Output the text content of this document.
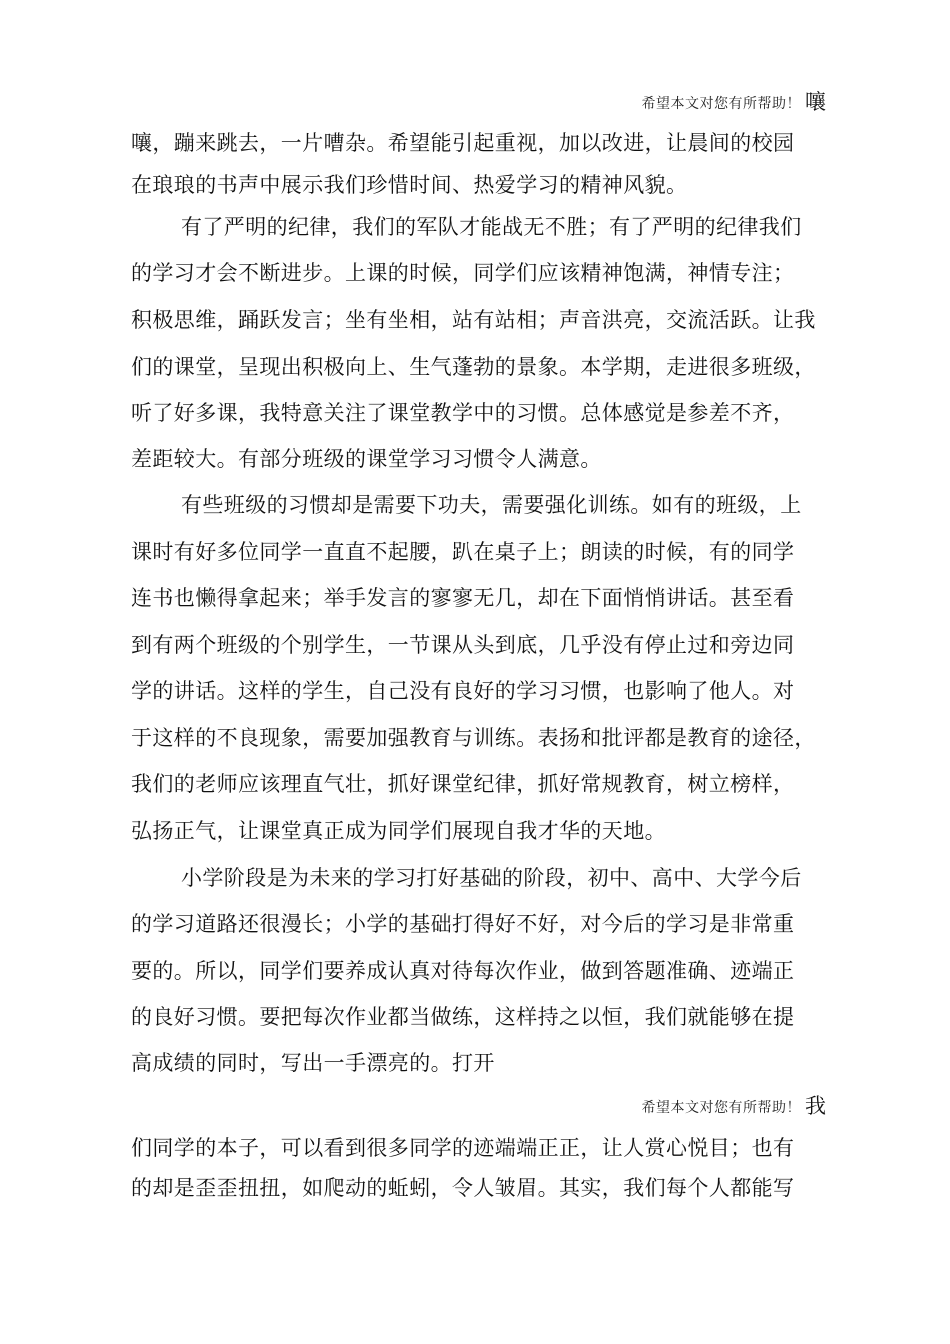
希望本文对您有所帮助！ 嚷
嚷，蹦来跳去，一片嘈杂。希望能引起重视，加以改进，让晨间的校园
在琅琅的书声中展示我们珍惜时间、热爱学习的精神风貌。
有了严明的纪律，我们的军队才能战无不胜；有了严明的纪律我们
的学习才会不断进步。上课的时候，同学们应该精神饱满，神情专注；
积极思维，踊跃发言；坐有坐相，站有站相；声音洪亮，交流活跃。让我
们的课堂，呈现出积极向上、生气蓬勃的景象。本学期，走进很多班级，
听了好多课，我特意关注了课堂教学中的习惯。总体感觉是参差不齐，
差距较大。有部分班级的课堂学习习惯令人满意。
有些班级的习惯却是需要下功夫，需要强化训练。如有的班级，上
课时有好多位同学一直直不起腰，趴在桌子上；朗读的时候，有的同学
连书也懒得拿起来；举手发言的寥寥无几，却在下面悄悄讲话。甚至看
到有两个班级的个别学生，一节课从头到底，几乎没有停止过和旁边同
学的讲话。这样的学生，自己没有良好的学习习惯，也影响了他人。对
于这样的不良现象，需要加强教育与训练。表扬和批评都是教育的途径，
我们的老师应该理直气壮，抓好课堂纪律，抓好常规教育，树立榜样，
弘扬正气，让课堂真正成为同学们展现自我才华的天地。
小学阶段是为未来的学习打好基础的阶段，初中、高中、大学今后
的学习道路还很漫长；小学的基础打得好不好，对今后的学习是非常重
要的。所以，同学们要养成认真对待每次作业，做到答题准确、迹端正
的良好习惯。要把每次作业都当做练，这样持之以恒，我们就能够在提
高成绩的同时，写出一手漂亮的。打开
希望本文对您有所帮助！ 我
们同学的本子，可以看到很多同学的迹端端正正，让人赏心悦目；也有
的却是歪歪扭扭，如爬动的蚯蚓，令人皱眉。其实，我们每个人都能写
